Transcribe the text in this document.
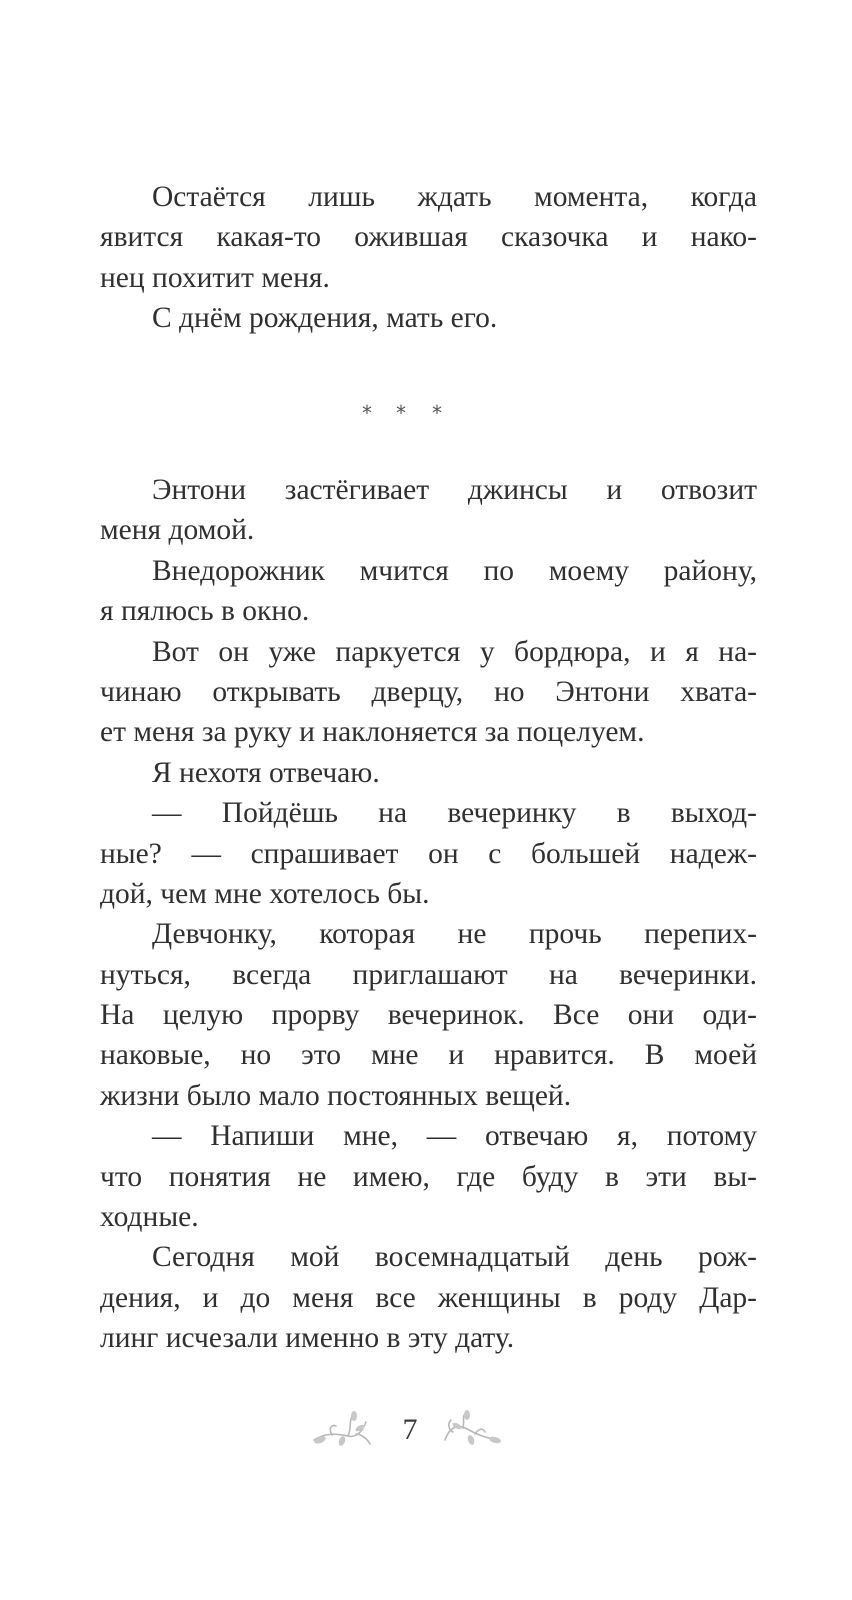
Остаётся лишь ждать момента, когда
явится какая-то ожившая сказочка и нако-
нец похитит меня.
С днём рождения, мать его.
* * *
Энтони застёгивает джинсы и отвозит
меня домой.
Внедорожник мчится по моему району,
я пялюсь в окно.
Вот он уже паркуется у бордюра, и я на-
чинаю открывать дверцу, но Энтони хвата-
ет меня за руку и наклоняется за поцелуем.
Я нехотя отвечаю.
— Пойдёшь на вечеринку в выход-
ные? — спрашивает он с большей надеж-
дой, чем мне хотелось бы.
Девчонку, которая не прочь перепих-
нуться, всегда приглашают на вечеринки.
На целую прорву вечеринок. Все они оди-
наковые, но это мне и нравится. В моей
жизни было мало постоянных вещей.
— Напиши мне, — отвечаю я, потому
что понятия не имею, где буду в эти вы-
ходные.
Сегодня мой восемнадцатый день рож-
дения, и до меня все женщины в роду Дар-
линг исчезали именно в эту дату.
7
